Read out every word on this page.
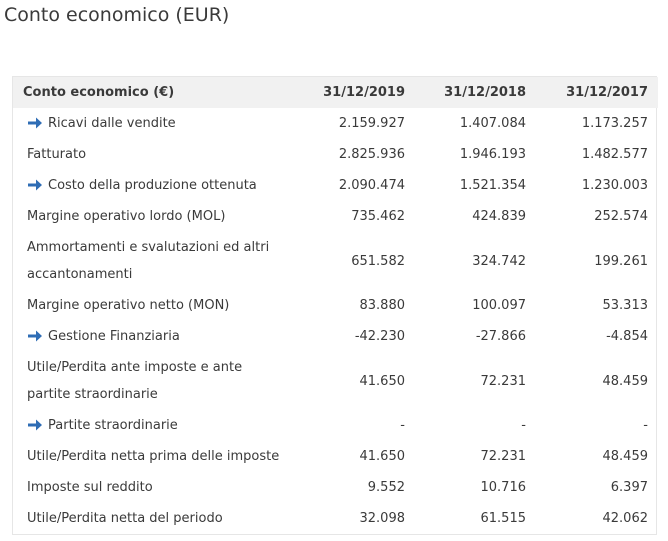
Conto economico (EUR)
Conto economico (€)	31/12/2019	31/12/2018	31/12/2017

Ricavi dalle vendite	2.159.927	1.407.084	1.173.257
Fatturato	2.825.936	1.946.193	1.482.577

Costo della produzione ottenuta	2.090.474	1.521.354	1.230.003
Margine operativo lordo (MOL)	735.462	424.839	252.574
Ammortamenti e svalutazioni ed altri accantonamenti	651.582	324.742	199.261
Margine operativo netto (MON)	83.880	100.097	53.313

Gestione Finanziaria	-42.230	-27.866	-4.854
Utile/Perdita ante imposte e ante partite straordinarie	41.650	72.231	48.459

Partite straordinarie	-	-	-
Utile/Perdita netta prima delle imposte	41.650	72.231	48.459
Imposte sul reddito	9.552	10.716	6.397
Utile/Perdita netta del periodo	32.098	61.515	42.062
